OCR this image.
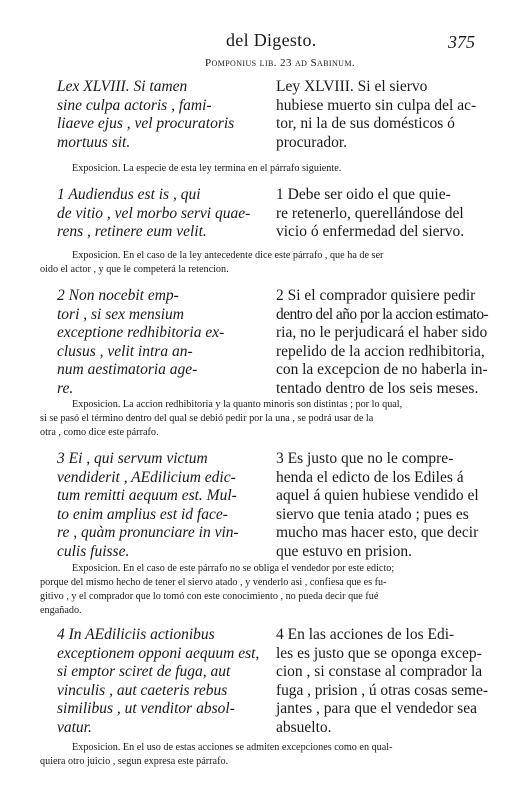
del Digesto.	375
Pomponius lib. 23 ad Sabinum.
Lex XLVIII. Si tamen
sine culpa actoris , fami-
liaeve ejus , vel procuratoris
mortuus sit.
Ley XLVIII. Si el siervo
hubiese muerto sin culpa del ac-
tor, ni la de sus domésticos ó
procurador.
Exposicion. La especie de esta ley termina en el párrafo siguiente.
1 Audiendus est is , qui
de vitio , vel morbo servi quae-
rens , retinere eum velit.
1 Debe ser oido el que quie-
re retenerlo, querellándose del
vicio ó enfermedad del siervo.
Exposicion. En el caso de la ley antecedente dice este párrafo , que ha de ser
oido el actor , y que le competerá la retencion.
2 Non nocebit emp-
tori , si sex mensium
exceptione redhibitoria ex-
clusus , velit intra an-
num aestimatoria age-
re.
2 Si el comprador quisiere pedir
dentro del año por la accion estimato-
ria, no le perjudicará el haber sido
repelido de la accion redhibitoria,
con la excepcion de no haberla in-
tentado dentro de los seis meses.
Exposicion. La accion redhibitoria y la quanto minoris son distintas ; por lo qual,
si se pasó el término dentro del qual se debió pedir por la una , se podrá usar de la
otra , como dice este párrafo.
3 Ei , qui servum victum
vendiderit , AEdilicium edic-
tum remitti aequum est. Mul-
to enim amplius est id face-
re , quàm pronunciare in vin-
culis fuisse.
3 Es justo que no le compre-
henda el edicto de los Ediles á
aquel á quien hubiese vendido el
siervo que tenia atado ; pues es
mucho mas hacer esto, que decir
que estuvo en prision.
Exposicion. En el caso de este párrafo no se obliga el vendedor por este edicto;
porque del mismo hecho de tener el siervo atado , y venderlo asi , confiesa que es fu-
gitivo , y el comprador que lo tomó con este conocimiento , no pueda decir que fué
engañado.
4 In AEdiliciis actionibus
exceptionem opponi aequum est,
si emptor sciret de fuga, aut
vinculis , aut caeteris rebus
similibus , ut venditor absol-
vatur.
4 En las acciones de los Edi-
les es justo que se oponga excep-
cion , si constase al comprador la
fuga , prision , ú otras cosas seme-
jantes , para que el vendedor sea
absuelto.
Exposicion. En el uso de estas acciones se admiten excepciones como en qual-
quiera otro juicio , segun expresa este párrafo.
